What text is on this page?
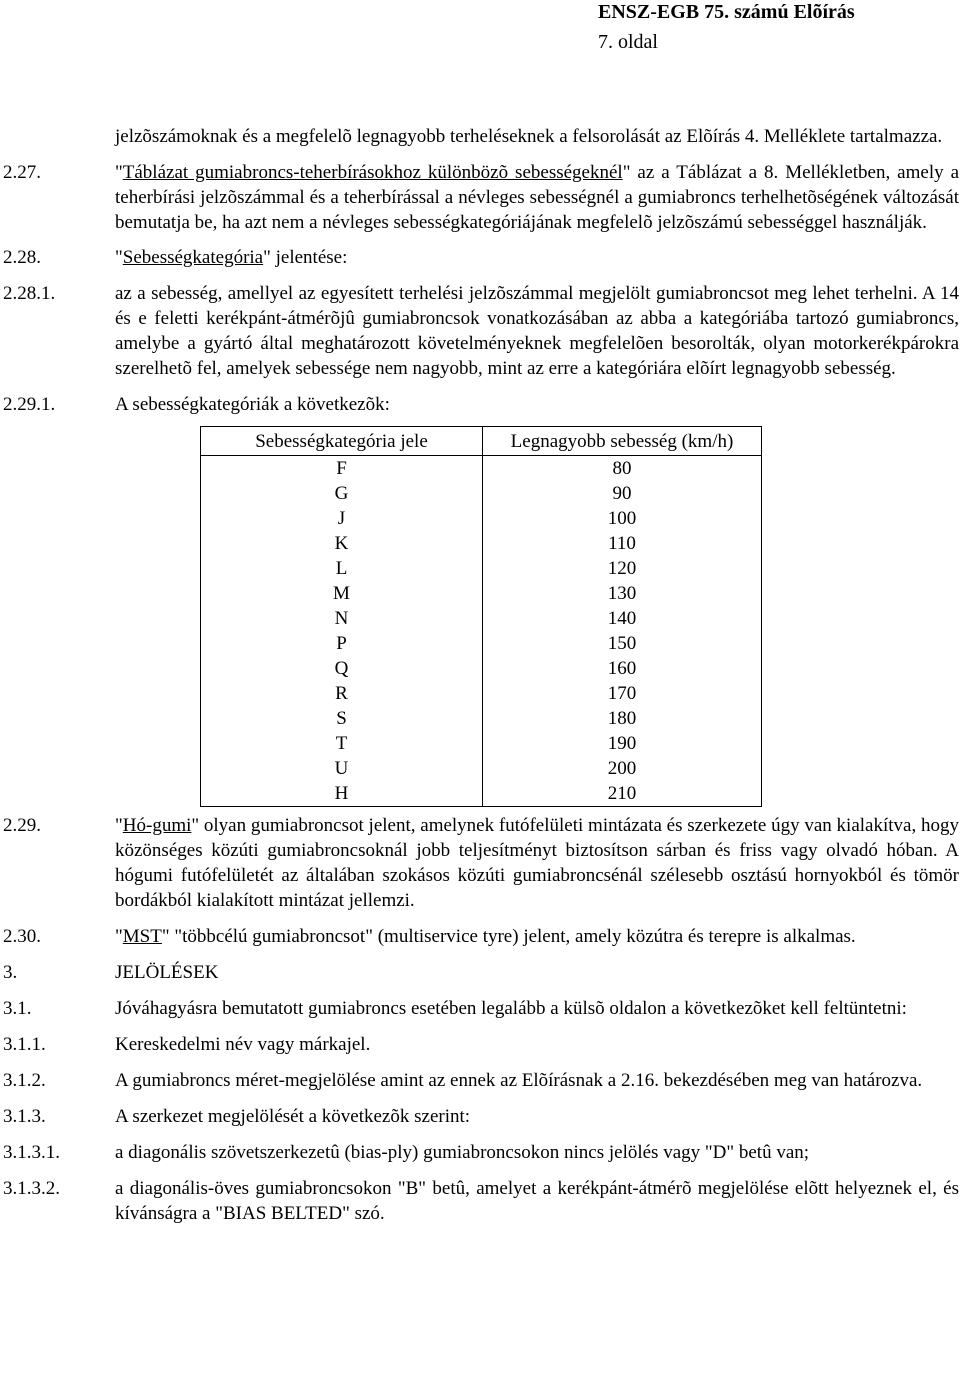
ENSZ-EGB 75. számú Elõírás
7. oldal
jelzõszámoknak és a megfelelõ legnagyobb terheléseknek a felsorolását az Elõírás 4. Melléklete tartalmazza.
2.27.	"Táblázat gumiabroncs-teherbírásokhoz különbözõ sebességeknél" az a Táblázat a 8. Mellékletben, amely a teherbírási jelzõszámmal és a teherbírással a névleges sebességnél a gumiabroncs terhelhetõségének változását bemutatja be, ha azt nem a névleges sebességkategóriájának megfelelõ jelzõszámú sebességgel használják.
2.28.	"Sebességkategória" jelentése:
2.28.1.	az a sebesség, amellyel az egyesített terhelési jelzõszámmal megjelölt gumiabroncsot meg lehet terhelni. A 14 és e feletti kerékpánt-átmérõjû gumiabroncsok vonatkozásában az abba a kategóriába tartozó gumiabroncs, amelybe a gyártó által meghatározott követelményeknek megfelelõen besorolták, olyan motorkerékpárokra szerelhetõ fel, amelyek sebessége nem nagyobb, mint az erre a kategóriára elõírt legnagyobb sebesség.
2.29.1.	A sebességkategóriák a következõk:
Sebességkategória jele	Legnagyobb sebesség (km/h)
F	80
G	90
J	100
K	110
L	120
M	130
N	140
P	150
Q	160
R	170
S	180
T	190
U	200
H	210
2.29.	"Hó-gumi" olyan gumiabroncsot jelent, amelynek futófelületi mintázata és szerkezete úgy van kialakítva, hogy közönséges közúti gumiabroncsoknál jobb teljesítményt biztosítson sárban és friss vagy olvadó hóban. A hógumi futófelületét az általában szokásos közúti gumiabroncsénál szélesebb osztású hornyokból és tömör bordákból kialakított mintázat jellemzi.
2.30.	"MST" "többcélú gumiabroncsot" (multiservice tyre) jelent, amely közútra és terepre is alkalmas.
3.	JELÖLÉSEK
3.1.	Jóváhagyásra bemutatott gumiabroncs esetében legalább a külsõ oldalon a következõket kell feltüntetni:
3.1.1.	Kereskedelmi név vagy márkajel.
3.1.2.	A gumiabroncs méret-megjelölése amint az ennek az Elõírásnak a 2.16. bekezdésében meg van határozva.
3.1.3.	A szerkezet megjelölését a következõk szerint:
3.1.3.1.	a diagonális szövetszerkezetû (bias-ply) gumiabroncsokon nincs jelölés vagy "D" betû van;
3.1.3.2.	a diagonális-öves gumiabroncsokon "B" betû, amelyet a kerékpánt-átmérõ megjelölése elõtt helyeznek el, és kívánságra a "BIAS BELTED" szó.
